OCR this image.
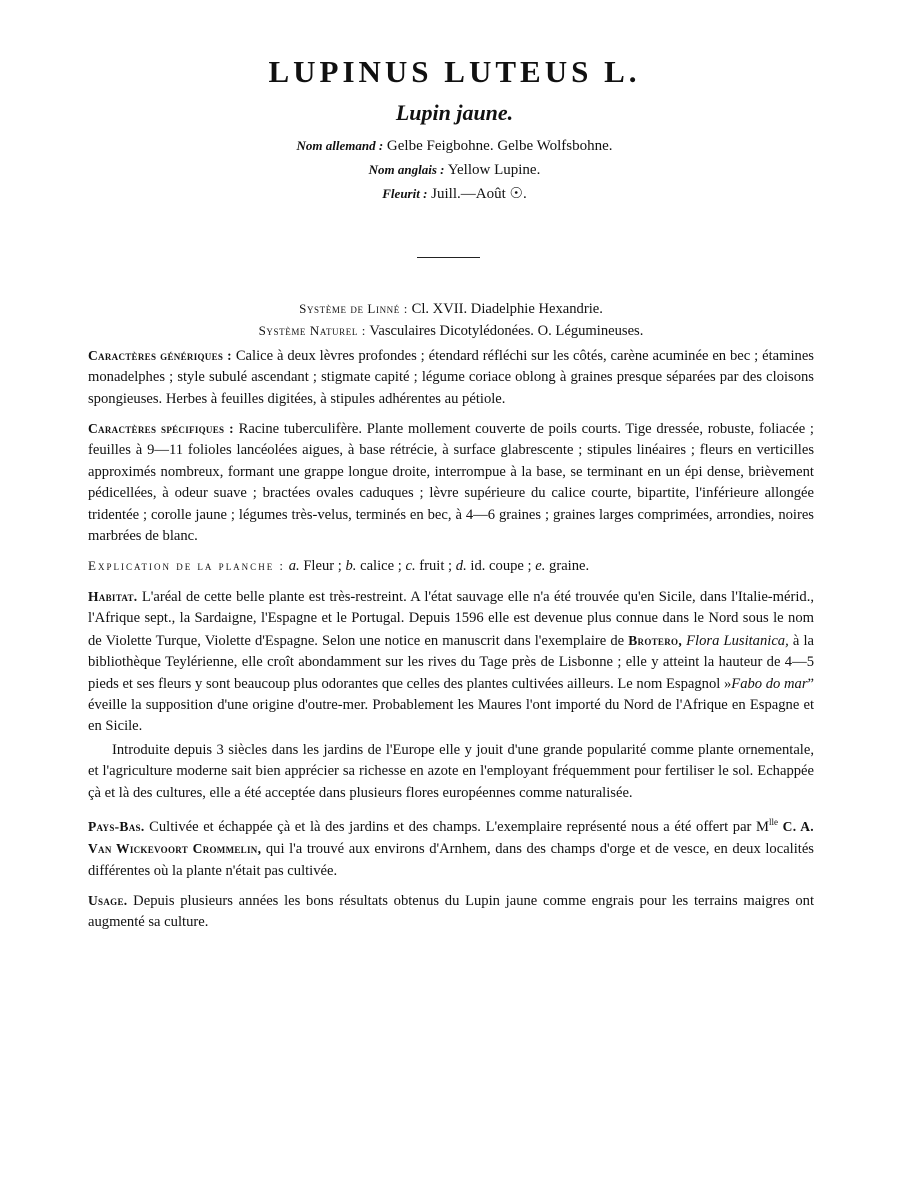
LUPINUS LUTEUS L.
Lupin jaune.
Nom allemand : Gelbe Feigbohne. Gelbe Wolfsbohne.
Nom anglais : Yellow Lupine.
Fleurit : Juill.—Août ☉.
Système de Linné : Cl. XVII. Diadelphie Hexandrie.
Système Naturel : Vasculaires Dicotylédonées. O. Légumineuses.
Caractères génériques : Calice à deux lèvres profondes ; étendard réfléchi sur les côtés, carène acuminée en bec ; étamines monadelphes ; style subulé ascendant ; stigmate capité ; légume coriace oblong à graines presque séparées par des cloisons spongieuses. Herbes à feuilles digitées, à stipules adhérentes au pétiole.
Caractères spécifiques : Racine tuberculifère. Plante mollement couverte de poils courts. Tige dressée, robuste, foliacée ; feuilles à 9—11 folioles lancéolées aigues, à base rétrécie, à surface glabrescente ; stipules linéaires ; fleurs en verticilles approximés nombreux, formant une grappe longue droite, interrompue à la base, se terminant en un épi dense, brièvement pédicellées, à odeur suave ; bractées ovales caduques ; lèvre supérieure du calice courte, bipartite, l'inférieure allongée tridentée ; corolle jaune ; légumes très-velus, terminés en bec, à 4—6 graines ; graines larges comprimées, arrondies, noires marbrées de blanc.
Explication de la planche : a. Fleur ; b. calice ; c. fruit ; d. id. coupe ; e. graine.
Habitat. L'aréal de cette belle plante est très-restreint. A l'état sauvage elle n'a été trouvée qu'en Sicile, dans l'Italie-mérid., l'Afrique sept., la Sardaigne, l'Espagne et le Portugal. Depuis 1596 elle est devenue plus connue dans le Nord sous le nom de Violette Turque, Violette d'Espagne. Selon une notice en manuscrit dans l'exemplaire de Brotero, Flora Lusitanica, à la bibliothèque Teylérienne, elle croît abondamment sur les rives du Tage près de Lisbonne ; elle y atteint la hauteur de 4—5 pieds et ses fleurs y sont beaucoup plus odorantes que celles des plantes cultivées ailleurs. Le nom Espagnol »Fabo do mar” éveille la supposition d'une origine d'outre-mer. Probablement les Maures l'ont importé du Nord de l'Afrique en Espagne et en Sicile.
Introduite depuis 3 siècles dans les jardins de l'Europe elle y jouit d'une grande popularité comme plante ornementale, et l'agriculture moderne sait bien apprécier sa richesse en azote en l'employant fréquemment pour fertiliser le sol. Echappée çà et là des cultures, elle a été acceptée dans plusieurs flores européennes comme naturalisée.
Pays-Bas. Cultivée et échappée çà et là des jardins et des champs. L'exemplaire représenté nous a été offert par $M^{lle}$ C. A. Van Wickevoort Crommelin, qui l'a trouvé aux environs d'Arnhem, dans des champs d'orge et de vesce, en deux localités différentes où la plante n'était pas cultivée.
Usage. Depuis plusieurs années les bons résultats obtenus du Lupin jaune comme engrais pour les terrains maigres ont augmenté sa culture.
